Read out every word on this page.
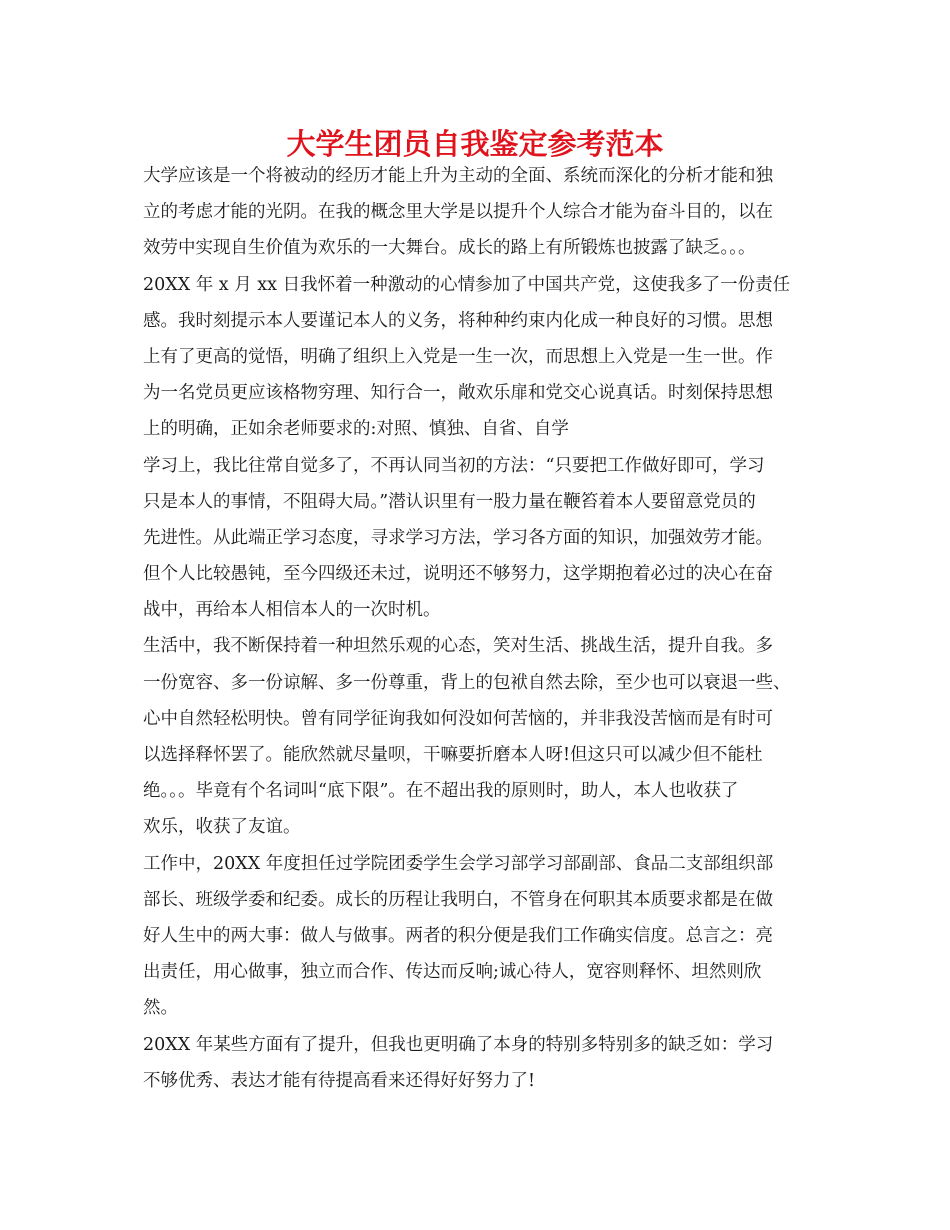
大学生团员自我鉴定参考范本
大学应该是一个将被动的经历才能上升为主动的全面、系统而深化的分析才能和独
立的考虑才能的光阴。在我的概念里大学是以提升个人综合才能为奋斗目的，以在
效劳中实现自生价值为欢乐的一大舞台。成长的路上有所锻炼也披露了缺乏。。。
20XX 年 x 月 xx 日我怀着一种激动的心情参加了中国共产党，这使我多了一份责任
感。我时刻提示本人要谨记本人的义务，将种种约束内化成一种良好的习惯。思想
上有了更高的觉悟，明确了组织上入党是一生一次，而思想上入党是一生一世。作
为一名党员更应该格物穷理、知行合一，敞欢乐扉和党交心说真话。时刻保持思想
上的明确，正如余老师要求的:对照、慎独、自省、自学
学习上，我比往常自觉多了，不再认同当初的方法：“只要把工作做好即可，学习
只是本人的事情，不阻碍大局。”潜认识里有一股力量在鞭笞着本人要留意党员的
先进性。从此端正学习态度，寻求学习方法，学习各方面的知识，加强效劳才能。
但个人比较愚钝，至今四级还未过，说明还不够努力，这学期抱着必过的决心在奋
战中，再给本人相信本人的一次时机。
生活中，我不断保持着一种坦然乐观的心态，笑对生活、挑战生活，提升自我。多
一份宽容、多一份谅解、多一份尊重，背上的包袱自然去除，至少也可以衰退一些、
心中自然轻松明快。曾有同学征询我如何没如何苦恼的，并非我没苦恼而是有时可
以选择释怀罢了。能欣然就尽量呗，干嘛要折磨本人呀!但这只可以减少但不能杜
绝。。。毕竟有个名词叫“底下限”。在不超出我的原则时，助人，本人也收获了
欢乐，收获了友谊。
工作中，20XX 年度担任过学院团委学生会学习部学习部副部、食品二支部组织部
部长、班级学委和纪委。成长的历程让我明白，不管身在何职其本质要求都是在做
好人生中的两大事：做人与做事。两者的积分便是我们工作确实信度。总言之：亮
出责任，用心做事，独立而合作、传达而反响;诚心待人，宽容则释怀、坦然则欣
然。
20XX 年某些方面有了提升，但我也更明确了本身的特别多特别多的缺乏如：学习
不够优秀、表达才能有待提高看来还得好好努力了!
